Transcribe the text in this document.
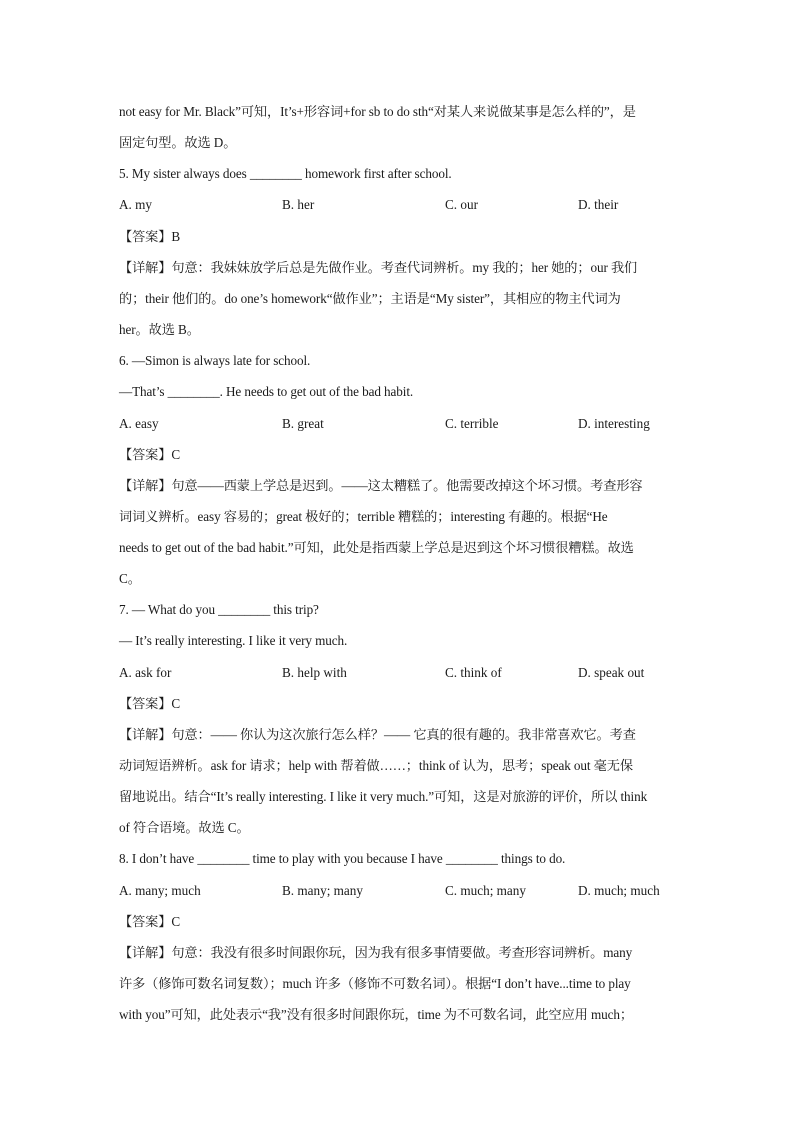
not easy for Mr. Black”可知，It’s+形容词+for sb to do sth“对某人来说做某事是怎么样的”，是
固定句型。故选 D。
5. My sister always does ________ homework first after school.
A. my	B. her	C. our	D. their
【答案】B
【详解】句意：我妹妹放学后总是先做作业。考查代词辨析。my 我的；her 她的；our 我们
的；their 他们的。do one’s homework“做作业”；主语是“My sister”，其相应的物主代词为
her。故选 B。
6. —Simon is always late for school.
—That’s ________. He needs to get out of the bad habit.
A. easy	B. great	C. terrible	D. interesting
【答案】C
【详解】句意——西蒙上学总是迟到。——这太糟糕了。他需要改掉这个坏习惯。考查形容
词词义辨析。easy 容易的；great 极好的；terrible 糟糕的；interesting 有趣的。根据“He
needs to get out of the bad habit.”可知，此处是指西蒙上学总是迟到这个坏习惯很糟糕。故选
C。
7. — What do you ________ this trip?
— It’s really interesting. I like it very much.
A. ask for	B. help with	C. think of	D. speak out
【答案】C
【详解】句意：—— 你认为这次旅行怎么样？—— 它真的很有趣的。我非常喜欢它。考查
动词短语辨析。ask for 请求；help with 帮着做……；think of 认为，思考；speak out 毫无保
留地说出。结合“It’s really interesting. I like it very much.”可知，这是对旅游的评价，所以 think
of 符合语境。故选 C。
8. I don’t have ________ time to play with you because I have ________ things to do.
A. many; much	B. many; many	C. much; many	D. much; much
【答案】C
【详解】句意：我没有很多时间跟你玩，因为我有很多事情要做。考查形容词辨析。many
许多（修饰可数名词复数）；much 许多（修饰不可数名词）。根据“I don’t have...time to play
with you”可知，此处表示“我”没有很多时间跟你玩，time 为不可数名词，此空应用 much；
